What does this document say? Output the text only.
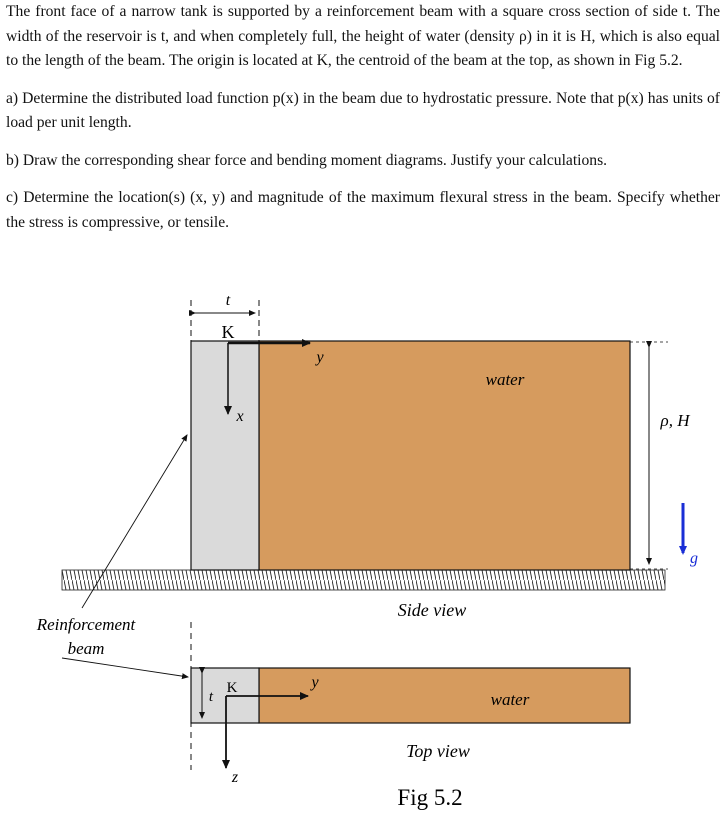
The front face of a narrow tank is supported by a reinforcement beam with a square cross section of side t. The width of the reservoir is t, and when completely full, the height of water (density ρ) in it is H, which is also equal to the length of the beam. The origin is located at K, the centroid of the beam at the top, as shown in Fig 5.2.

a) Determine the distributed load function p(x) in the beam due to hydrostatic pressure. Note that p(x) has units of load per unit length.

b) Draw the corresponding shear force and bending moment diagrams. Justify your calculations.

c) Determine the location(s) (x, y) and magnitude of the maximum flexural stress in the beam. Specify whether the stress is compressive, or tensile.

t
K
y
x
water
ρ, H
g
Side view
Reinforcement
beam
t
K	y
z
water
Top view
Fig 5.2
